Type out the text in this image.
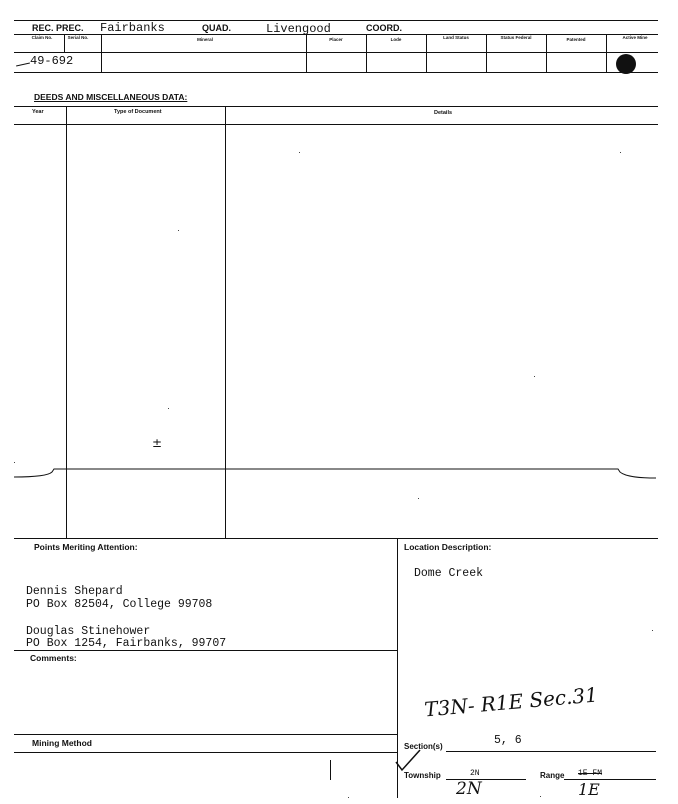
REC. PREC. Fairbanks	QUAD.	Livengood	COORD.
Claim No.	Serial No.	Mineral	Placer	Lode	Land Status	Status Federal	Patented	Active Mine
49-692
DEEDS AND MISCELLANEOUS DATA:
Year	Type of Document	Details
±
Points Meriting Attention:
Dennis Shepard
PO Box 82504, College 99708
Douglas Stinehower
PO Box 1254, Fairbanks, 99707
Comments:
Mining Method
Location Description:
Dome Creek
T3N- R1E Sec.31
Section(s)	5, 6
Township	2N
2N
Range 1E FM
1E
